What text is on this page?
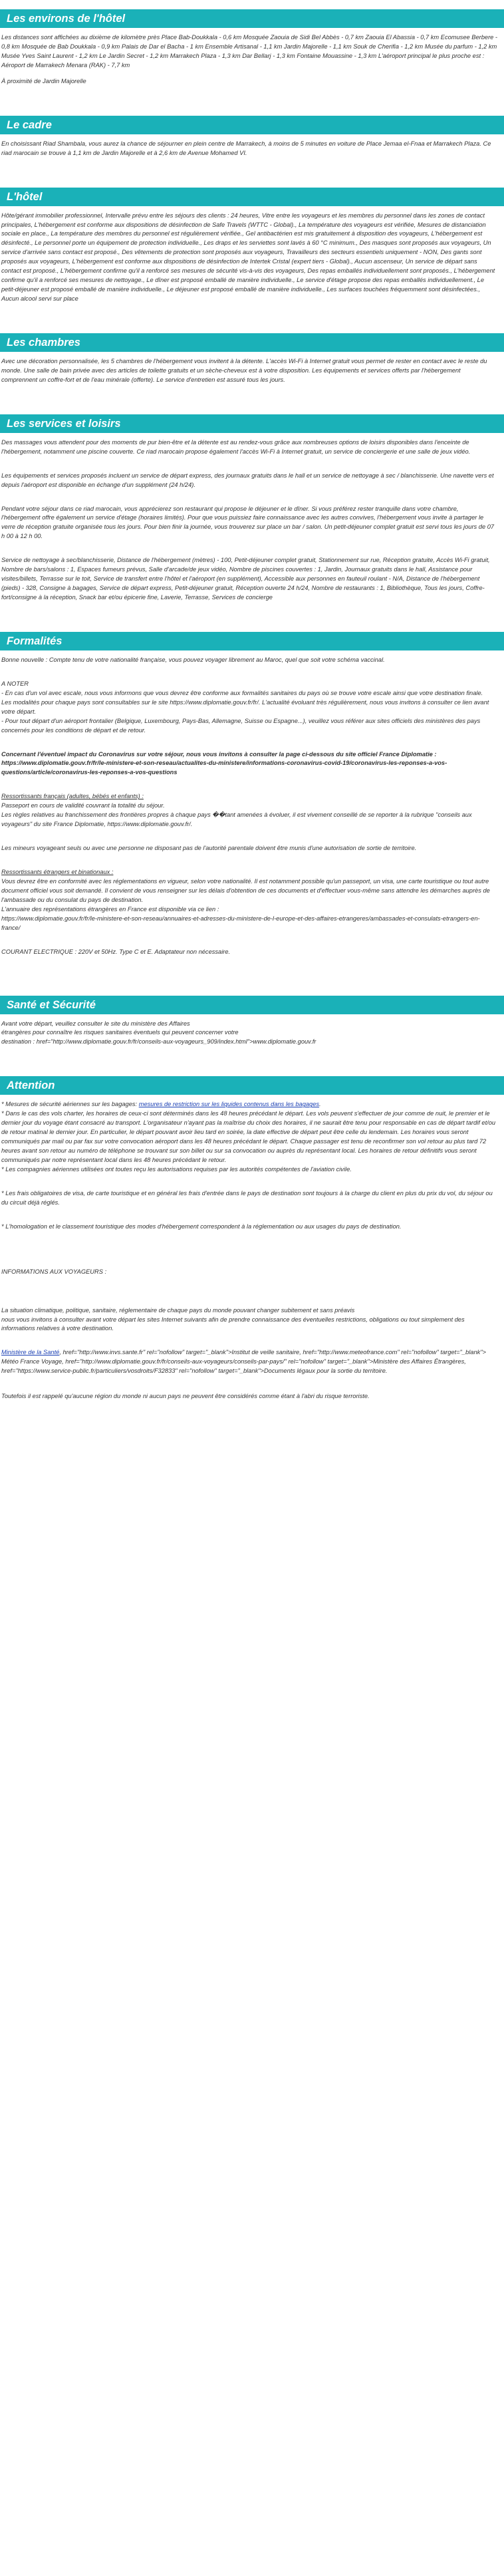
Les environs de l'hôtel

Les distances sont affichées au dixième de kilomètre près Place Bab-Doukkala - 0,6 km Mosquée Zaouia de Sidi Bel Abbès - 0,7 km Zaouia El Abassia - 0,7 km Ecomusee Berbere - 0,8 km Mosquée de Bab Doukkala - 0,9 km Palais de Dar el Bacha - 1 km Ensemble Artisanal - 1,1 km Jardin Majorelle - 1,1 km Souk de Cherifia - 1,2 km Musée du parfum - 1,2 km Musée Yves Saint Laurent - 1,2 km Le Jardin Secret - 1,2 km Marrakech Plaza - 1,3 km Dar Bellarj - 1,3 km Fontaine Mouassine - 1,3 km L'aéroport principal le plus proche est : Aéroport de Marrakech Menara (RAK) - 7,7 km

À proximité de Jardin Majorelle

Le cadre

En choisissant Riad Shambala, vous aurez la chance de séjourner en plein centre de Marrakech, à moins de 5 minutes en voiture de Place Jemaa el-Fnaa et Marrakech Plaza. Ce riad marocain se trouve à 1,1 km de Jardin Majorelle et à 2,6 km de Avenue Mohamed VI.

L'hôtel

Hôte/gérant immobilier professionnel, Intervalle prévu entre les séjours des clients : 24 heures, Vitre entre les voyageurs et les membres du personnel dans les zones de contact principales, L'hébergement est conforme aux dispositions de désinfection de Safe Travels (WTTC - Global)., La température des voyageurs est vérifiée, Mesures de distanciation sociale en place., La température des membres du personnel est régulièrement vérifiée., Gel antibactérien est mis gratuitement à disposition des voyageurs, L'hébergement est désinfecté., Le personnel porte un équipement de protection individuelle., Les draps et les serviettes sont lavés à 60 °C minimum., Des masques sont proposés aux voyageurs, Un service d'arrivée sans contact est proposé., Des vêtements de protection sont proposés aux voyageurs, Travailleurs des secteurs essentiels uniquement - NON, Des gants sont proposés aux voyageurs, L'hébergement est conforme aux dispositions de désinfection de Intertek Cristal (expert tiers - Global)., Aucun ascenseur, Un service de départ sans contact est proposé., L'hébergement confirme qu'il a renforcé ses mesures de sécurité vis-à-vis des voyageurs, Des repas emballés individuellement sont proposés., L'hébergement confirme qu'il a renforcé ses mesures de nettoyage., Le dîner est proposé emballé de manière individuelle., Le service d'étage propose des repas emballés individuellement., Le petit-déjeuner est proposé emballé de manière individuelle., Le déjeuner est proposé emballé de manière individuelle., Les surfaces touchées fréquemment sont désinfectées., Aucun alcool servi sur place

Les chambres

Avec une décoration personnalisée, les 5 chambres de l'hébergement vous invitent à la détente. L'accès Wi-Fi à Internet gratuit vous permet de rester en contact avec le reste du monde. Une salle de bain privée avec des articles de toilette gratuits et un sèche-cheveux est à votre disposition. Les équipements et services offerts par l'hébergement comprennent un coffre-fort et de l'eau minérale (offerte). Le service d'entretien est assuré tous les jours.

Les services et loisirs

Des massages vous attendent pour des moments de pur bien-être et la détente est au rendez-vous grâce aux nombreuses options de loisirs disponibles dans l'enceinte de l'hébergement, notamment une piscine couverte. Ce riad marocain propose également l'accès Wi-Fi à Internet gratuit, un service de conciergerie et une salle de jeux vidéo.

Les équipements et services proposés incluent un service de départ express, des journaux gratuits dans le hall et un service de nettoyage à sec / blanchisserie. Une navette vers et depuis l'aéroport est disponible en échange d'un supplément (24 h/24).

Pendant votre séjour dans ce riad marocain, vous apprécierez son restaurant qui propose le déjeuner et le dîner. Si vous préférez rester tranquille dans votre chambre, l'hébergement offre également un service d'étage (horaires limités). Pour que vous puissiez faire connaissance avec les autres convives, l'hébergement vous invite à partager le verre de réception gratuite organisée tous les jours. Pour bien finir la journée, vous trouverez sur place un bar / salon. Un petit-déjeuner complet gratuit est servi tous les jours de 07 h 00 à 12 h 00.

Service de nettoyage à sec/blanchisserie, Distance de l'hébergement (mètres) - 100, Petit-déjeuner complet gratuit, Stationnement sur rue, Réception gratuite, Accès Wi-Fi gratuit, Nombre de bars/salons : 1, Espaces fumeurs prévus, Salle d'arcade/de jeux vidéo, Nombre de piscines couvertes : 1, Jardin, Journaux gratuits dans le hall, Assistance pour visites/billets, Terrasse sur le toit, Service de transfert entre l'hôtel et l'aéroport (en supplément), Accessible aux personnes en fauteuil roulant - N/A, Distance de l'hébergement (pieds) - 328, Consigne à bagages, Service de départ express, Petit-déjeuner gratuit, Réception ouverte 24 h/24, Nombre de restaurants : 1, Bibliothèque, Tous les jours, Coffre-fort/consigne à la réception, Snack bar et/ou épicerie fine, Laverie, Terrasse, Services de concierge

Formalités

Bonne nouvelle : Compte tenu de votre nationalité française, vous pouvez voyager librement au Maroc, quel que soit votre schéma vaccinal.

A NOTER
- En cas d'un vol avec escale, nous vous informons que vous devrez être conforme aux formalités sanitaires du pays où se trouve votre escale ainsi que votre destination finale.
Les modalités pour chaque pays sont consultables sur le site https://www.diplomatie.gouv.fr/fr/. L'actualité évoluant très régulièrement, nous vous invitons à consulter ce lien avant votre départ.

- Pour tout départ d'un aéroport frontalier (Belgique, Luxembourg, Pays-Bas, Allemagne, Suisse ou Espagne...), veuillez vous référer aux sites officiels des ministères des pays concernés pour les conditions de départ et de retour.

Concernant l'éventuel impact du Coronavirus sur votre séjour, nous vous invitons à consulter la page ci-dessous du site officiel France Diplomatie :

https://www.diplomatie.gouv.fr/fr/le-ministere-et-son-reseau/actualites-du-ministere/informations-coronavirus-covid-19/coronavirus-les-reponses-a-vos-questions/article/coronavirus-les-reponses-a-vos-questions

Ressortissants français (adultes, bébés et enfants) :
Passeport en cours de validité couvrant la totalité du séjour.

Les règles relatives au franchissement des frontières propres à chaque pays ��tant amenées à évoluer, il est vivement conseillé de se reporter à la rubrique "conseils aux voyageurs" du site France Diplomatie, https://www.diplomatie.gouv.fr/.

Les mineurs voyageant seuls ou avec une personne ne disposant pas de l'autorité parentale doivent être munis d'une autorisation de sortie de territoire.

Ressortissants étrangers et binationaux :
Vous devrez être en conformité avec les réglementations en vigueur, selon votre nationalité. Il est notamment possible qu'un passeport, un visa, une carte touristique ou tout autre document officiel vous soit demandé. Il convient de vous renseigner sur les délais d'obtention de ces documents et d'effectuer vous-même sans attendre les démarches auprès de l'ambassade ou du consulat du pays de destination.
L'annuaire des représentations étrangères en France est disponible via ce lien :

https://www.diplomatie.gouv.fr/fr/le-ministere-et-son-reseau/annuaires-et-adresses-du-ministere-de-l-europe-et-des-affaires-etrangeres/ambassades-et-consulats-etrangers-en-france/

COURANT ELECTRIQUE : 220V et 50Hz. Type C et E. Adaptateur non nécessaire.

Santé et Sécurité
Avant votre départ, veuillez consulter le site du ministère des Affaires
étrangères pour connaître les risques sanitaires éventuels qui peuvent concerner votre
destination : href="http://www.diplomatie.gouv.fr/fr/conseils-aux-voyageurs_909/index.html">www.diplomatie.gouv.fr
Attention
* Mesures de sécurité aériennes sur les bagages: mesures de restriction sur les liquides contenus dans les bagages.
* Dans le cas des vols charter, les horaires de ceux-ci sont déterminés dans les 48 heures précédant le départ. Les vols peuvent s'effectuer de jour comme de nuit, le premier et le dernier jour du voyage étant consacré au transport. L'organisateur n'ayant pas la maîtrise du choix des horaires, il ne saurait être tenu pour responsable en cas de départ tardif et/ou de retour matinal le dernier jour. En particulier, le départ pouvant avoir lieu tard en soirée, la date effective de départ peut être celle du lendemain. Les horaires vous seront communiqués par mail ou par fax sur votre convocation aéroport dans les 48 heures précédant le départ. Chaque passager est tenu de reconfirmer son vol retour au plus tard 72 heures avant son retour au numéro de téléphone se trouvant sur son billet ou sur sa convocation ou auprès du représentant local. Les horaires de retour définitifs vous seront communiqués par notre représentant local dans les 48 heures précédant le retour.

* Les compagnies aériennes utilisées ont toutes reçu les autorisations requises par les autorités compétentes de l'aviation civile.

* Les frais obligatoires de visa, de carte touristique et en général les frais d'entrée dans le pays de destination sont toujours à la charge du client en plus du prix du vol, du séjour ou du circuit déjà réglés.

* L'homologation et le classement touristique des modes d'hébergement correspondent à la réglementation ou aux usages du pays de destination.

INFORMATIONS AUX VOYAGEURS :

La situation climatique, politique, sanitaire, réglementaire de chaque pays du monde pouvant changer subitement et sans préavis

nous vous invitons à consulter avant votre départ les sites Internet suivants afin de prendre connaissance des éventuelles restrictions, obligations ou tout simplement des informations relatives à votre destination.

Ministère de la Santé, href="http://www.invs.sante.fr" rel="nofollow" target="_blank">Institut de veille sanitaire, href="http://www.meteofrance.com" rel="nofollow" target="_blank"> Météo France Voyage, href="http://www.diplomatie.gouv.fr/fr/conseils-aux-voyageurs/conseils-par-pays/" rel="nofollow" target="_blank">Ministère des Affaires Étrangères, href="https://www.service-public.fr/particuliers/vosdroits/F32833" rel="nofollow" target="_blank">Documents légaux pour la sortie du territoire.

Toutefois il est rappelé qu'aucune région du monde ni aucun pays ne peuvent être considérés comme étant à l'abri du risque terroriste.
